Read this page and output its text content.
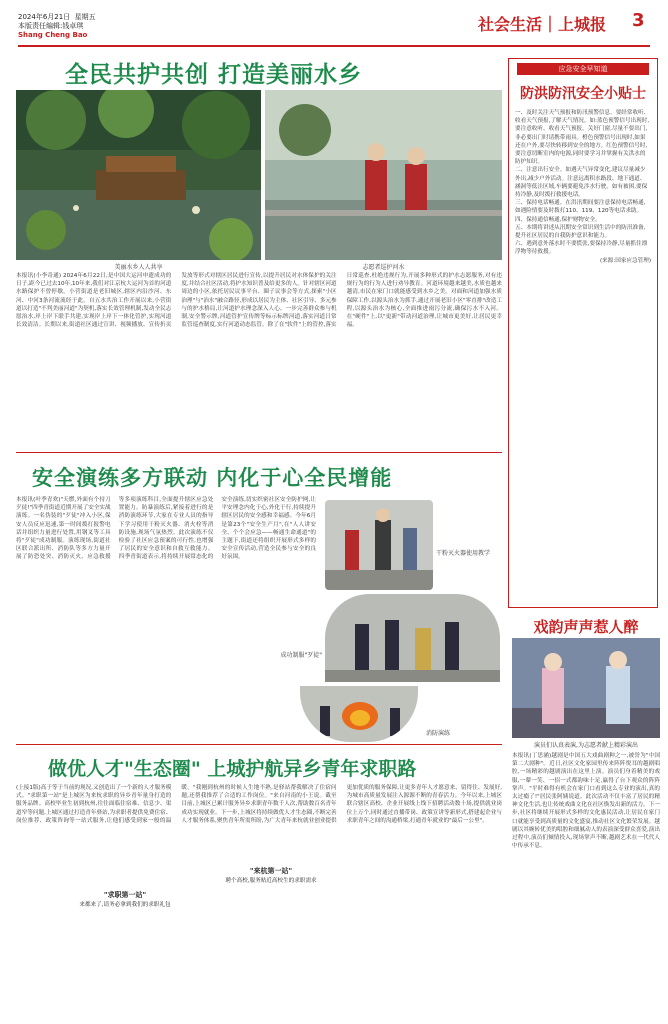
2024年6月21日 星期五
本版责任编辑:钱卓琪
Shang Cheng Bao
社会生活｜上城报 3
全民共护共创 打造美丽水乡
美丽水乡人人共享	志愿者巡护河水
本报讯(小李奇通) 2024年6月22日,是中国大运河申遗成功的日子,距今已过去10年,10年来,我们对江京杭大运河为首的河道水路保护不曾停歇。小营街道是老旧城区,辖区内沿沙河、东河、中河3条河流流经于此。自五水共治工作开展以来,小营街道以打造"不判美丽河道"为契机,落实长效管理机制,发动全民志愿治水,岸上岸下联手共建,实现岸上岸下一体化管护,实现河道长效清洁。长期以来,街道社区通过宣讲、视频播放、宣传折页发放等形式对辖区居民进行宣传,以提升居民对水体保护的关注度,并结合社区活动,将护水知识普及给更多的人。针对辖区河道周边的小区,依托居民议事平台、圈子议事会等方式,探索"小区治理"与"治水"融合路径,形成以居民为主体、社区引导、多元参与的护水格局,让河道护水理念深入人心。一步完善群众参与机制,安全警示牌,河道管护宣传牌等标示标牌河道,落实河道日常监管巡查制度,实行河道动态监管。除了在"软件"上的管控,落实日常巡查,杜绝违规行为,开展多种形式的护水志愿服务,对有违规行为的行为人进行劝导教育。河道环境越来越美,水质也越来越清,市民在家门口就能感受到水乡之美。对面和河道加强水质保障工作,以源头治水为抓手,通过开展老旧小区"零直排"改造工程,以源头治水为核心,全面推进雨污分流,确保污水不入河。在"硬件"上,以"更新"带动河道治理,让城市更美好,让居民更幸福。
应急安全早知道
防洪防汛安全小贴士

一、及时关注天气预报和防汛预警信息。要经常收听、收看天气预报,了解天气情况。如:蓝色预警信号出现时,要注意收听、收看天气预报。关好门窗,尽量不要出门,非必要出门时请携带雨具。橙色预警信号出现时,如果还在户外,要尽快转移到安全的地方。红色预警信号时,要注意切断室内的电源,同时要学习并掌握有关洪水的防护知识。

二、注意出行安全。如遇天气异常变化,建议尽量减少外出,减少户外活动。注意远离积水路段、地下通道、涵洞等低洼区域,车辆要避免涉水行驶。如有被困,要保持冷静,及时拨打救援电话。

三、保持电话畅通。在洪汛期间要注意保持电话畅通,如遇险情要及时拨打110、119、120等电话求助。

四、保持通信畅通,保护财物安全。

五、本期将讲述从汛期安全常识到生活中的防汛准备,提升社区居民的自我防护意识和能力。

六、遇到意外落水时不要慌张,要保持冷静,尽量抓住漂浮物等待救援。

(来源:国家应急管理)

安全演练多方联动 内化于心全民增能
本报讯(叶季青欢)"天燃,外面有个持刀歹徒!"四季青街道近期开展了安全实战演练。一名伪装的"歹徒"冲入小区,保安人员反应迅速,第一时间拨打报警电话并组织力量进行处置,用钢叉等工具将"歹徒"成功制服。演练现场,街道社区联合派出所、消防队等多方力量开展了防恐处突、消防灭火、应急救援等多项演练科目,全面提升辖区应急处置能力。防暴演练后,紧接着进行的是消防演练环节,大家在专业人员的指导下学习使用干粉灭火器、消火栓等消防设施,现场气氛热烈。此次演练不仅检验了社区应急预案的可行性,也增强了居民的安全意识和自救互救能力。四季青街道表示,将持续开展常态化的安全演练,切实织密社区安全防护网,让平安理念内化于心,外化于行,持续提升辖区居民的安全感和幸福感。今年6月是第23个"安全生产月",在"人人讲安全、个个会应急——畅通生命通道"的主题下,街道还将组织开展形式多样的安全宣传活动,营造全民参与安全的良好氛围。
干粉灭火器使用教学
成功制服"歹徒"
消防演练
戏韵声声惹人醉
演员们认真表演,为志愿者献上精彩演出
本报讯(丁思涵)越剧是中国五大戏曲剧种之一,被誉为"中国第二大剧种"。近日,社区文化家园里传来阵阵悦耳的越剧唱腔,一场精彩的越剧演出在这里上演。演员们身着精美的戏服,一颦一笑、一招一式都韵味十足,赢得了台下观众的阵阵掌声。"平时难得有机会在家门口看到这么专业的演出,真的太过瘾了!"居民张阿姨说道。此次活动不仅丰富了居民的精神文化生活,也让传统戏曲文化在社区焕发出新的活力。下一步,社区将继续开展形式多样的文化惠民活动,让居民在家门口就能享受到高质量的文化盛宴,推动社区文化繁荣发展。越剧以其婉转优美的唱腔和细腻动人的表演深受群众喜爱,演出过程中,演员们倾情投入,现场掌声不断,越剧艺术在一代代人中传承不息。
做优人才"生态圈" 上城护航异乡青年求职路
(上接1版)高于等于当前的现况,又创造出了一个新的人才服务模式。"求职第一站"是上城区为来杭求职的异乡青年量身打造的服务品牌。高校毕业生初到杭州,往往面临住宿难、信息少、渠道窄等问题,上城区通过打造青年驿站,为求职者提供免费住宿、岗位推荐、政策咨询等一站式服务,让他们感受到家一般的温暖。"我刚到杭州的时候人生地不熟,是驿站帮我解决了住宿问题,还帮我推荐了合适的工作岗位。"来自河南的小王说。截至目前,上城区已累计服务异乡求职青年数千人次,帮助数百名青年成功实现就业。下一步,上城区将持续做优人才生态圈,不断完善人才服务体系,聚焦青年所需所盼,为广大青年来杭就业创业提供更加优质的服务保障,让更多青年人才愿意来、留得住、发展好,为城市高质量发展注入源源不断的青春活力。今年以来,上城区联合辖区高校、企业开展线上线下招聘活动数十场,提供就业岗位上万个,同时通过直播带岗、政策宣讲等新形式,搭建起企业与求职青年之间的沟通桥梁,打通青年就业的"最后一公里"。
"求职第一站"
来都来了,请务必拿到我们的求职礼包
"来杭第一站"
聘个高校,服务贴近高校生的求职需求
